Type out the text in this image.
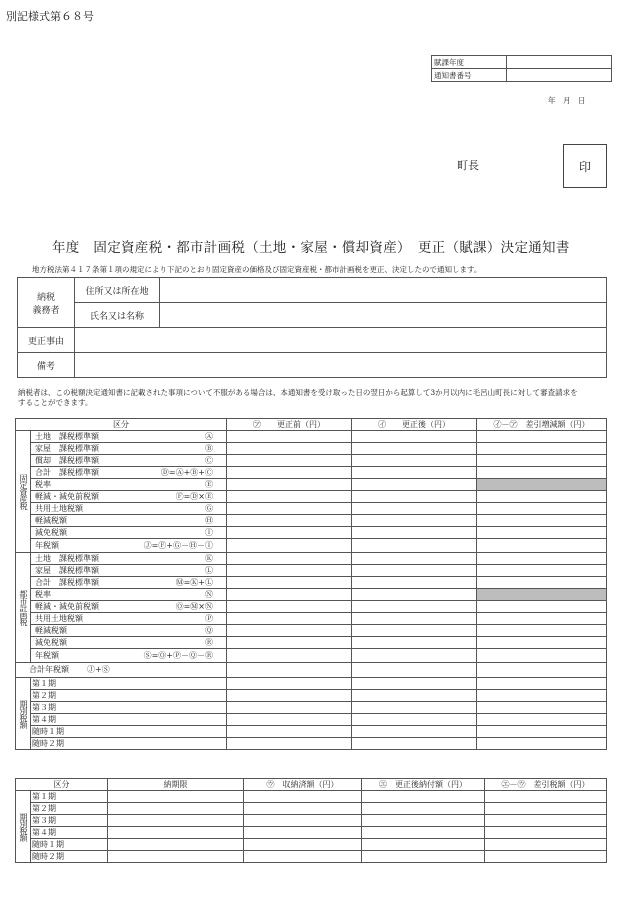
別記様式第６８号
賦課年度	
通知書番号	
年　月　日
町長	印
年度　固定資産税・都市計画税（土地・家屋・償却資産）　更正（賦課）決定通知書
地方税法第４１７条第１項の規定により下記のとおり固定資産の価格及び固定資産税・都市計画税を更正、決定したので通知します。
納税
義務者	住所又は所在地	
	氏名又は名称	
更正事由		
備考		
納税者は、この税額決定通知書に記載された事項について不服がある場合は、本通知書を受け取った日の翌日から起算して3か月以内に毛呂山町長に対して審査請求をすることができます。
区分		㋐　　更正前（円）	㋑　　更正後（円）	㋑－㋐　差引増減額（円）
固定資産税	土地　課税標準額 Ⓐ			

	家屋　課税標準額 Ⓑ			

	償却　課税標準額 Ⓒ			

	合計　課税標準額 Ⓓ=Ⓐ+Ⓑ+Ⓒ			

	税率 Ⓔ			

	軽減・減免前税額 Ⓕ=Ⓓ×Ⓔ			

	共用土地税額 Ⓖ			

	軽減税額 Ⓗ			

	減免税額 Ⓘ			

	年税額 Ⓙ=Ⓕ+Ⓖ－Ⓗ－Ⓘ			

都市計画税	土地　課税標準額 Ⓚ			

	家屋　課税標準額 Ⓛ			

	合計　課税標準額 Ⓜ=Ⓚ+Ⓛ			

	税率 Ⓝ			

	軽減・減免前税額 Ⓞ=Ⓜ×Ⓝ			

	共用土地税額 Ⓟ			

	軽減税額 Ⓠ			

	減免税額 Ⓡ			

	年税額 Ⓢ=Ⓞ+Ⓟ－Ⓠ－Ⓡ			

合計年税額 Ⓙ+Ⓢ				

期別税額	第１期			
	第２期			
	第３期			
	第４期			
	随時１期			
	随時２期			
区分		納期限	㋒　収納済額（円）	㋓　更正後納付額（円）	㋓－㋒　差引税額（円）
期別税額	第１期				
	第２期				
	第３期				
	第４期				
	随時１期				
	随時２期				
